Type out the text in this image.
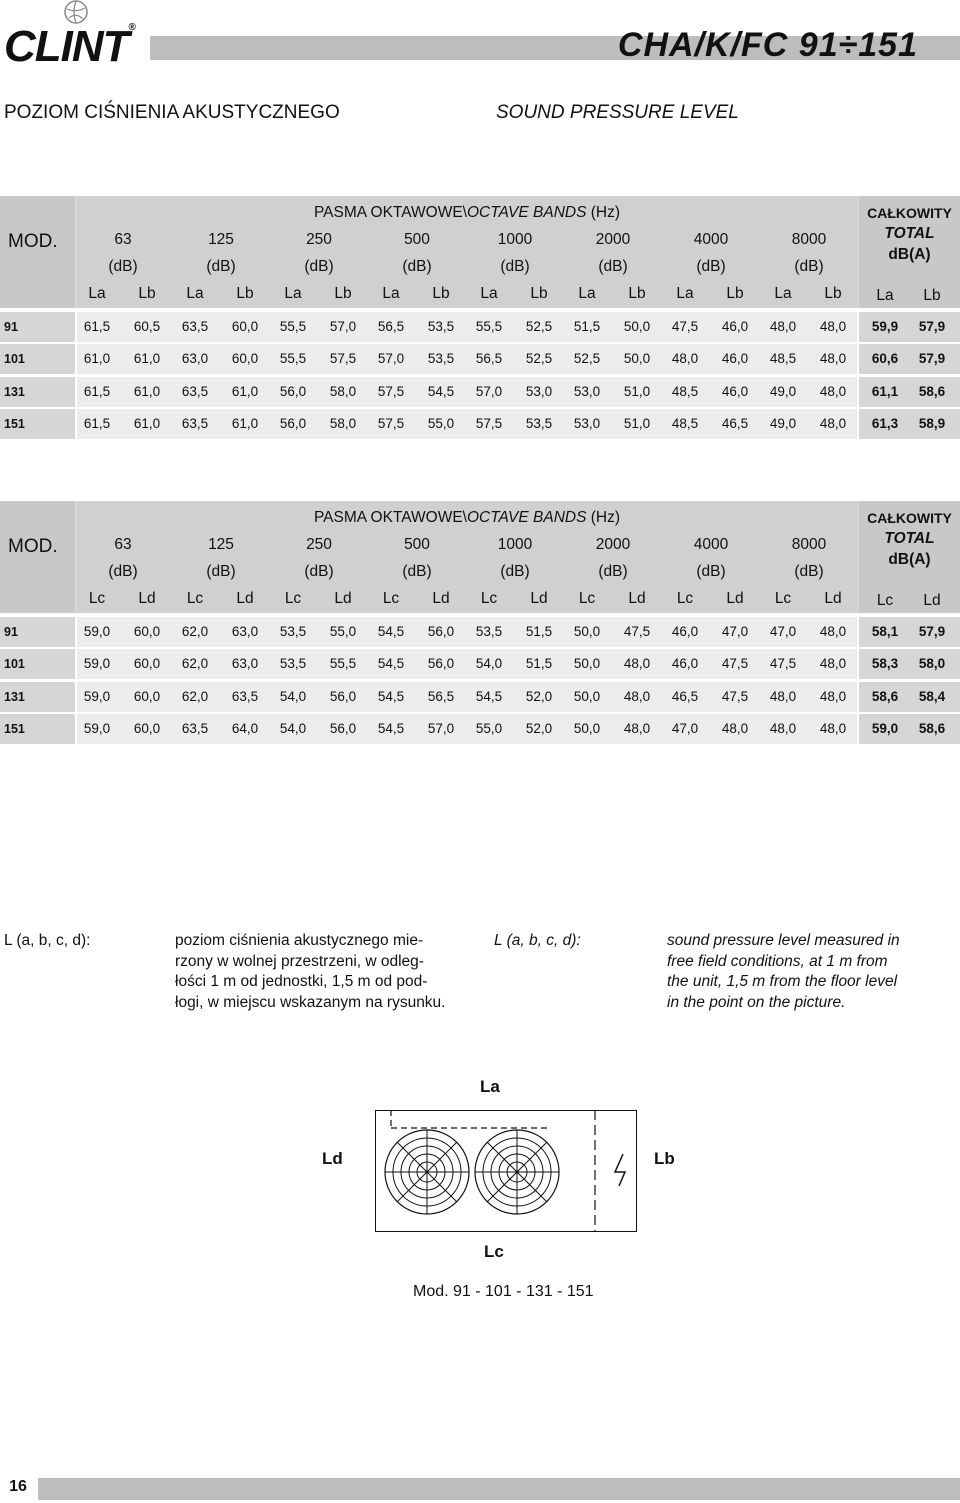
CLINT®	CHA/K/FC 91÷151
POZIOM CIŚNIENIA AKUSTYCZNEGO	SOUND PRESSURE LEVEL
MOD.
PASMA OKTAWOWE\OCTAVE BANDS (Hz)	CAŁKOWITY
TOTAL
dB(A)
63
(dB)
La	Lb
125
(dB)
La	Lb
250
(dB)
La	Lb
500
(dB)
La	Lb
1000
(dB)
La	Lb
2000
(dB)
La	Lb
4000
(dB)
La	Lb
8000
(dB)
La	Lb	La	Lb
91	61,5	60,5	63,5	60,0	55,5	57,0	56,5	53,5	55,5	52,5	51,5	50,0	47,5	46,0	48,0	48,0	59,9	57,9
101	61,0	61,0	63,0	60,0	55,5	57,5	57,0	53,5	56,5	52,5	52,5	50,0	48,0	46,0	48,5	48,0	60,6	57,9
131	61,5	61,0	63,5	61,0	56,0	58,0	57,5	54,5	57,0	53,0	53,0	51,0	48,5	46,0	49,0	48,0	61,1	58,6
151	61,5	61,0	63,5	61,0	56,0	58,0	57,5	55,0	57,5	53,5	53,0	51,0	48,5	46,5	49,0	48,0	61,3	58,9
MOD.
PASMA OKTAWOWE\OCTAVE BANDS (Hz)	CAŁKOWITY
TOTAL
dB(A)
63
(dB)
Lc	Ld
125
(dB)
Lc	Ld
250
(dB)
Lc	Ld
500
(dB)
Lc	Ld
1000
(dB)
Lc	Ld
2000
(dB)
Lc	Ld
4000
(dB)
Lc	Ld
8000
(dB)
Lc	Ld	Lc	Ld
91	59,0	60,0	62,0	63,0	53,5	55,0	54,5	56,0	53,5	51,5	50,0	47,5	46,0	47,0	47,0	48,0	58,1	57,9
101	59,0	60,0	62,0	63,0	53,5	55,5	54,5	56,0	54,0	51,5	50,0	48,0	46,0	47,5	47,5	48,0	58,3	58,0
131	59,0	60,0	62,0	63,5	54,0	56,0	54,5	56,5	54,5	52,0	50,0	48,0	46,5	47,5	48,0	48,0	58,6	58,4
151	59,0	60,0	63,5	64,0	54,0	56,0	54,5	57,0	55,0	52,0	50,0	48,0	47,0	48,0	48,0	48,0	59,0	58,6
L (a, b, c, d):	poziom ciśnienia akustycznego mie-
rzony w wolnej przestrzeni, w odleg-
łości 1 m od jednostki, 1,5 m od pod-
łogi, w miejscu wskazanym na rysunku.
L (a, b, c, d):	sound pressure level measured in
free field conditions, at 1 m from
the unit, 1,5 m from the floor level
in the point on the picture.
La
Ld	Lb
Lc
Mod. 91 - 101 - 131 - 151
16
